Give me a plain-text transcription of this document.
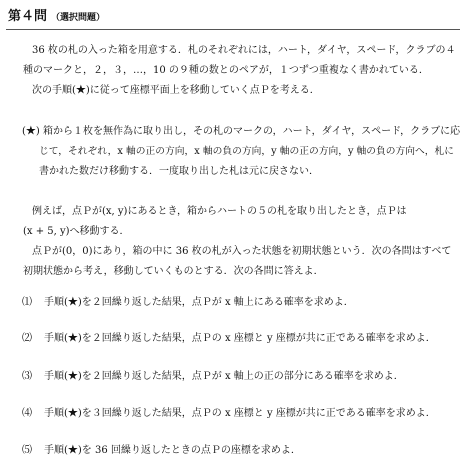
第４問 （選択問題）
36 枚の札の入った箱を用意する．札のそれぞれには，ハート，ダイヤ，スペード，クラブの４
種のマークと，２，３，…，10 の９種の数とのペアが，１つずつ重複なく書かれている．
次の手順(★)に従って座標平面上を移動していく点Ｐを考える．
(★) 箱から１枚を無作為に取り出し，その札のマークの，ハート，ダイヤ，スペード，クラブに応
じて，それぞれ，x 軸の正の方向，x 軸の負の方向，y 軸の正の方向，y 軸の負の方向へ，札に
書かれた数だけ移動する．一度取り出した札は元に戻さない．
例えば，点Ｐが(x, y)にあるとき，箱からハートの５の札を取り出したとき，点Ｐは
(x + 5, y)へ移動する．
点Ｐが(0，0)にあり，箱の中に 36 枚の札が入った状態を初期状態という．次の各問はすべて
初期状態から考え，移動していくものとする．次の各問に答えよ．
⑴ 手順(★)を２回繰り返した結果，点Ｐが x 軸上にある確率を求めよ．
⑵ 手順(★)を２回繰り返した結果，点Ｐの x 座標と y 座標が共に正である確率を求めよ．
⑶ 手順(★)を２回繰り返した結果，点Ｐが x 軸上の正の部分にある確率を求めよ．
⑷ 手順(★)を３回繰り返した結果，点Ｐの x 座標と y 座標が共に正である確率を求めよ．
⑸ 手順(★)を 36 回繰り返したときの点Ｐの座標を求めよ．
